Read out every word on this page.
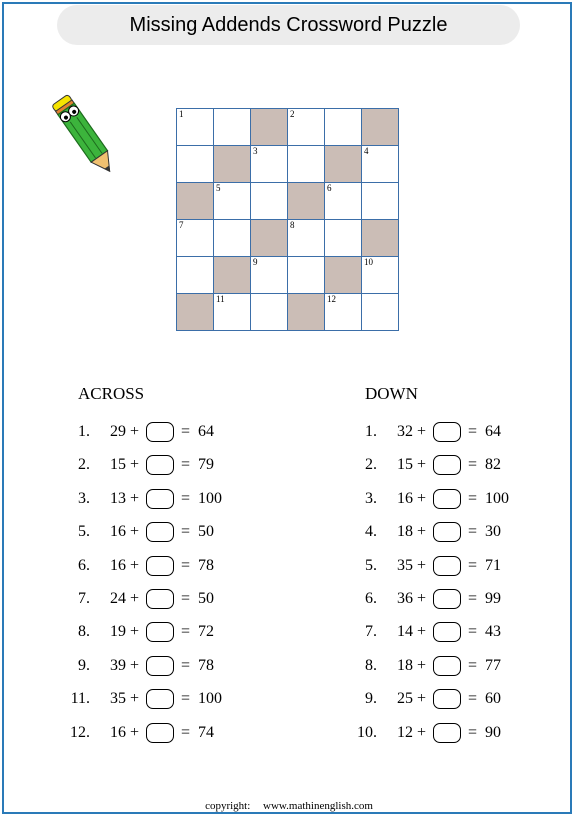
Missing Addends Crossword Puzzle
1	2
3	4
5	6
7	8
9	10
11	12
ACROSS	DOWN
1.	29 +	= 64
2.	15 +	= 79
3.	13 +	= 100
5.	16 +	= 50
6.	16 +	= 78
7.	24 +	= 50
8.	19 +	= 72
9.	39 +	= 78
11.	35 +	= 100
12.	16 +	= 74
1.	32 +	= 64
2.	15 +	= 82
3.	16 +	= 100
4.	18 +	= 30
5.	35 +	= 71
6.	36 +	= 99
7.	14 +	= 43
8.	18 +	= 77
9.	25 +	= 60
10.	12 +	= 90
copyright: www.mathinenglish.com
